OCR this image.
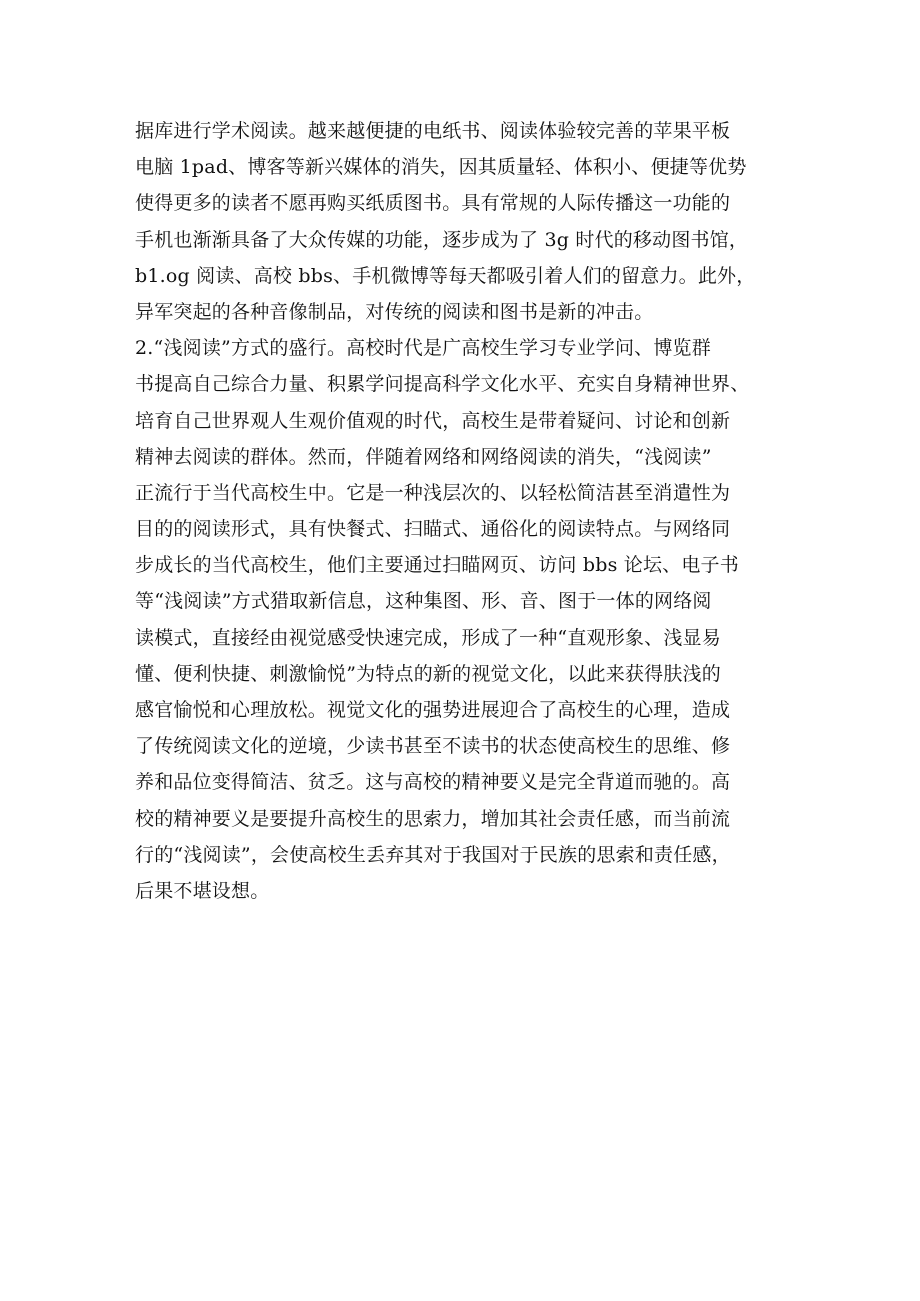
据库进行学术阅读。越来越便捷的电纸书、阅读体验较完善的苹果平板
电脑 1pad、博客等新兴媒体的消失，因其质量轻、体积小、便捷等优势
使得更多的读者不愿再购买纸质图书。具有常规的人际传播这一功能的
手机也渐渐具备了大众传媒的功能，逐步成为了 3g 时代的移动图书馆，
b1.og 阅读、高校 bbs、手机微博等每天都吸引着人们的留意力。此外，
异军突起的各种音像制品，对传统的阅读和图书是新的冲击。
2.“浅阅读”方式的盛行。高校时代是广高校生学习专业学问、博览群
书提高自己综合力量、积累学问提高科学文化水平、充实自身精神世界、
培育自己世界观人生观价值观的时代，高校生是带着疑问、讨论和创新
精神去阅读的群体。然而，伴随着网络和网络阅读的消失，“浅阅读”
正流行于当代高校生中。它是一种浅层次的、以轻松简洁甚至消遣性为
目的的阅读形式，具有快餐式、扫瞄式、通俗化的阅读特点。与网络同
步成长的当代高校生，他们主要通过扫瞄网页、访问 bbs 论坛、电子书
等“浅阅读”方式猎取新信息，这种集图、形、音、图于一体的网络阅
读模式，直接经由视觉感受快速完成，形成了一种“直观形象、浅显易
懂、便利快捷、刺激愉悦”为特点的新的视觉文化，以此来获得肤浅的
感官愉悦和心理放松。视觉文化的强势进展迎合了高校生的心理，造成
了传统阅读文化的逆境，少读书甚至不读书的状态使高校生的思维、修
养和品位变得简洁、贫乏。这与高校的精神要义是完全背道而驰的。高
校的精神要义是要提升高校生的思索力，增加其社会责任感，而当前流
行的“浅阅读”，会使高校生丢弃其对于我国对于民族的思索和责任感，
后果不堪设想。
